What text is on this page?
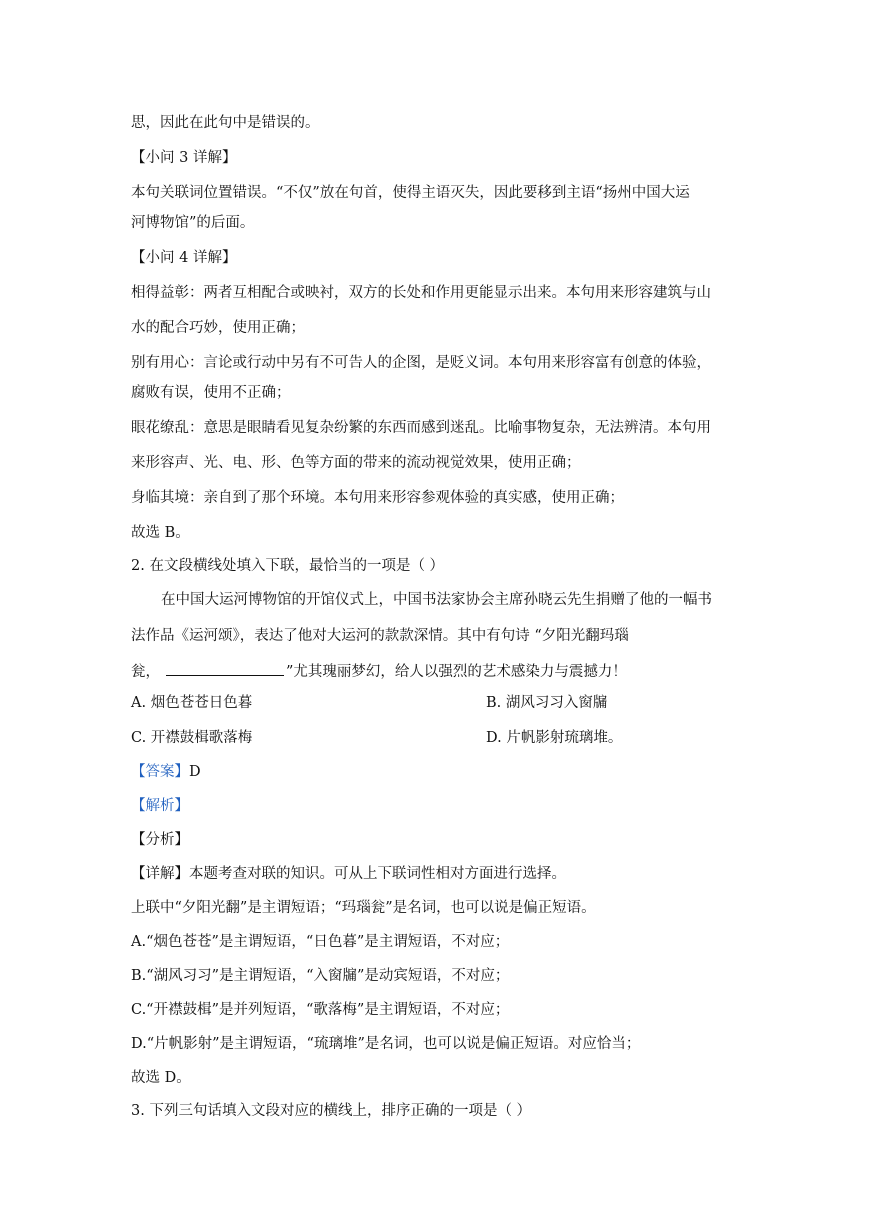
思，因此在此句中是错误的。
【小问 3 详解】
本句关联词位置错误。“不仅”放在句首，使得主语灭失，因此要移到主语“扬州中国大运
河博物馆”的后面。
【小问 4 详解】
相得益彰：两者互相配合或映衬，双方的长处和作用更能显示出来。本句用来形容建筑与山
水的配合巧妙，使用正确；
别有用心：言论或行动中另有不可告人的企图，是贬义词。本句用来形容富有创意的体验，
腐败有误，使用不正确；
眼花缭乱：意思是眼睛看见复杂纷繁的东西而感到迷乱。比喻事物复杂，无法辨清。本句用
来形容声、光、电、形、色等方面的带来的流动视觉效果，使用正确；
身临其境：亲自到了那个环境。本句用来形容参观体验的真实感，使用正确；
故选 B。
2. 在文段横线处填入下联，最恰当的一项是（ ）
在中国大运河博物馆的开馆仪式上，中国书法家协会主席孙晓云先生捐赠了他的一幅书
法作品《运河颂》，表达了他对大运河的款款深情。其中有句诗 “夕阳光翻玛瑙
瓮，	”尤其瑰丽梦幻，给人以强烈的艺术感染力与震撼力！
A. 烟色苍苍日色暮	B. 湖风习习入窗牖
C. 开襟鼓楫歌落梅	D. 片帆影射琉璃堆。
【答案】D
【解析】
【分析】
【详解】本题考查对联的知识。可从上下联词性相对方面进行选择。
上联中“夕阳光翻”是主谓短语；“玛瑙瓮”是名词，也可以说是偏正短语。
A.“烟色苍苍”是主谓短语，“日色暮”是主谓短语，不对应；
B.“湖风习习”是主谓短语，“入窗牖”是动宾短语，不对应；
C.“开襟鼓楫”是并列短语，“歌落梅”是主谓短语，不对应；
D.“片帆影射”是主谓短语，“琉璃堆”是名词，也可以说是偏正短语。对应恰当；
故选 D。
3. 下列三句话填入文段对应的横线上，排序正确的一项是（ ）
